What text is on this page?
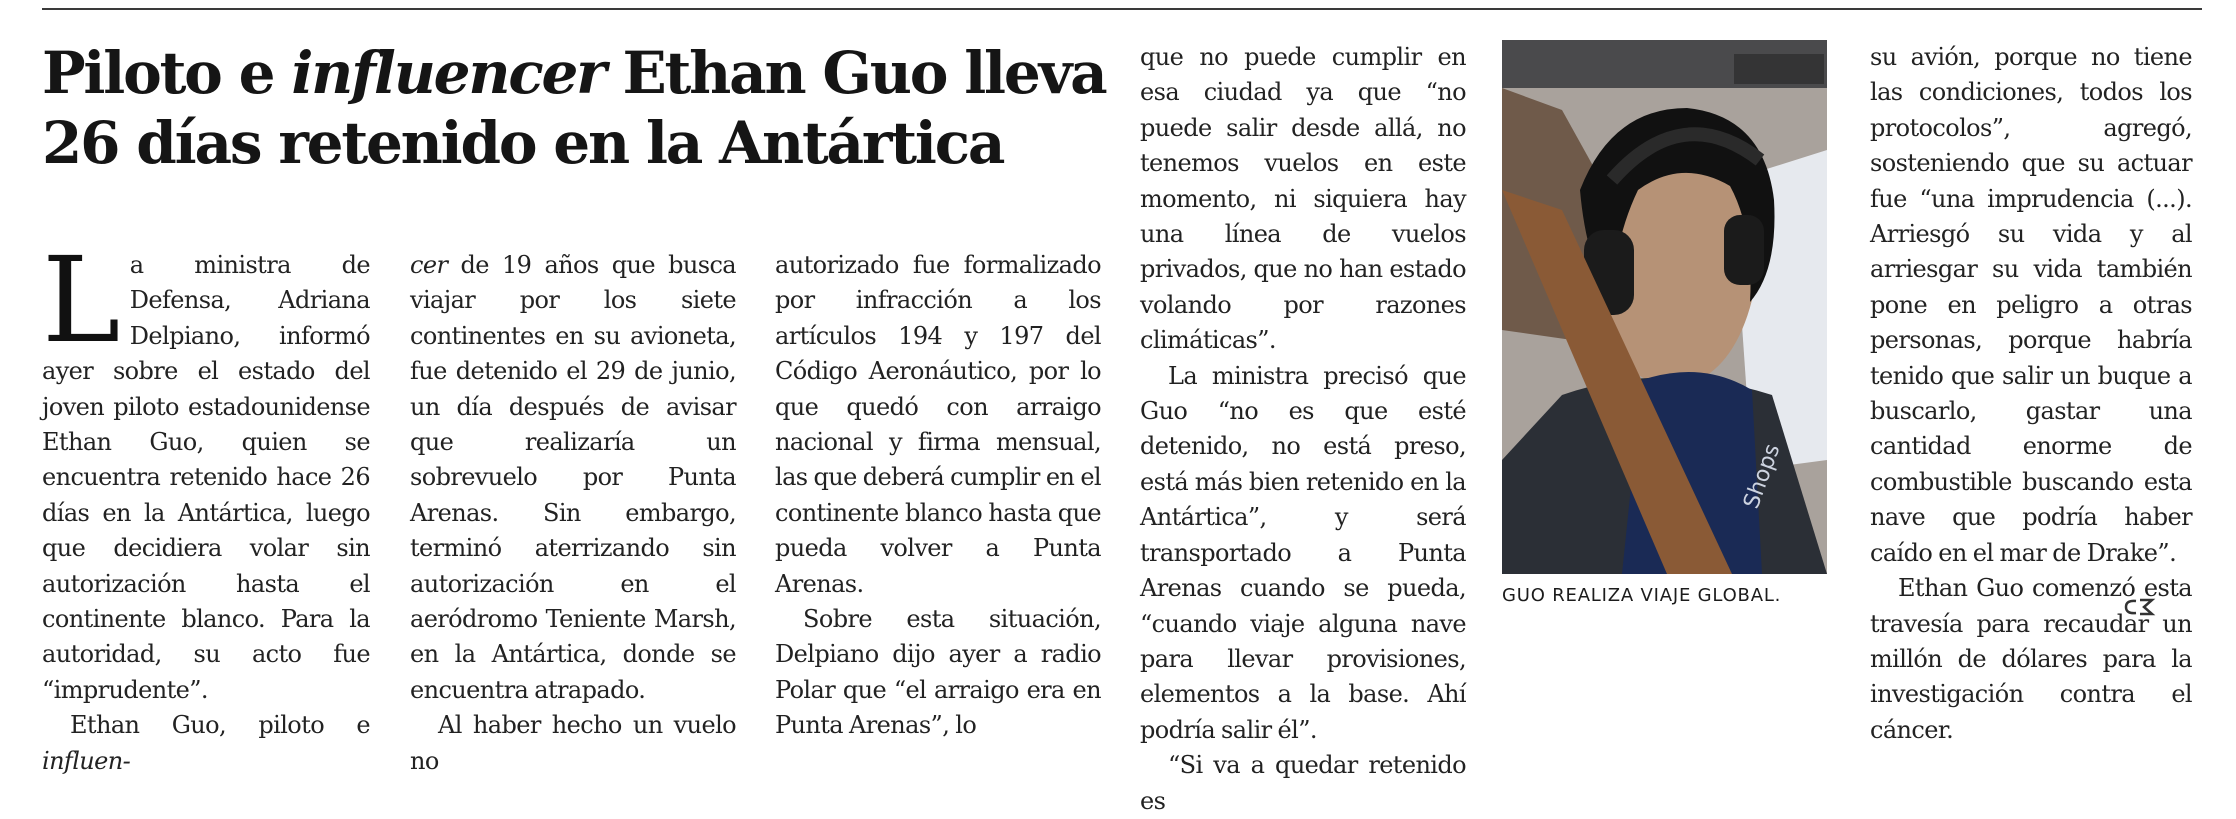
Piloto e influencer Ethan Guo lleva 26 días retenido en la Antártica

La ministra de Defensa, Adriana Delpiano, informó ayer sobre el estado del joven piloto estadounidense Ethan Guo, quien se encuentra retenido hace 26 días en la Antártica, luego que decidiera volar sin autorización hasta el continente blanco. Para la autoridad, su acto fue “imprudente”.

Ethan Guo, piloto e influen-

cer de 19 años que busca viajar por los siete continentes en su avioneta, fue detenido el 29 de junio, un día después de avisar que realizaría un sobrevuelo por Punta Arenas. Sin embargo, terminó aterrizando sin autorización en el aeródromo Teniente Marsh, en la Antártica, donde se encuentra atrapado.

Al haber hecho un vuelo no

autorizado fue formalizado por infracción a los artículos 194 y 197 del Código Aeronáutico, por lo que quedó con arraigo nacional y firma mensual, las que deberá cumplir en el continente blanco hasta que pueda volver a Punta Arenas.

Sobre esta situación, Delpiano dijo ayer a radio Polar que “el arraigo era en Punta Arenas”, lo

que no puede cumplir en esa ciudad ya que “no puede salir desde allá, no tenemos vuelos en este momento, ni siquiera hay una línea de vuelos privados, que no han estado volando por razones climáticas”.

La ministra precisó que Guo “no es que esté detenido, no está preso, está más bien retenido en la Antártica”, y será transportado a Punta Arenas cuando se pueda, “cuando viaje alguna nave para llevar provisiones, elementos a la base. Ahí podría salir él”.

“Si va a quedar retenido es

Shops
GUO REALIZA VIAJE GLOBAL.

su avión, porque no tiene las condiciones, todos los protocolos”, agregó, sosteniendo que su actuar fue “una imprudencia (...). Arriesgó su vida y al arriesgar su vida también pone en peligro a otras personas, porque habría tenido que salir un buque a buscarlo, gastar una cantidad enorme de combustible buscando esta nave que podría haber caído en el mar de Drake”.

Ethan Guo comenzó esta travesía para recaudar un millón de dólares para la investigación contra el cáncer.
